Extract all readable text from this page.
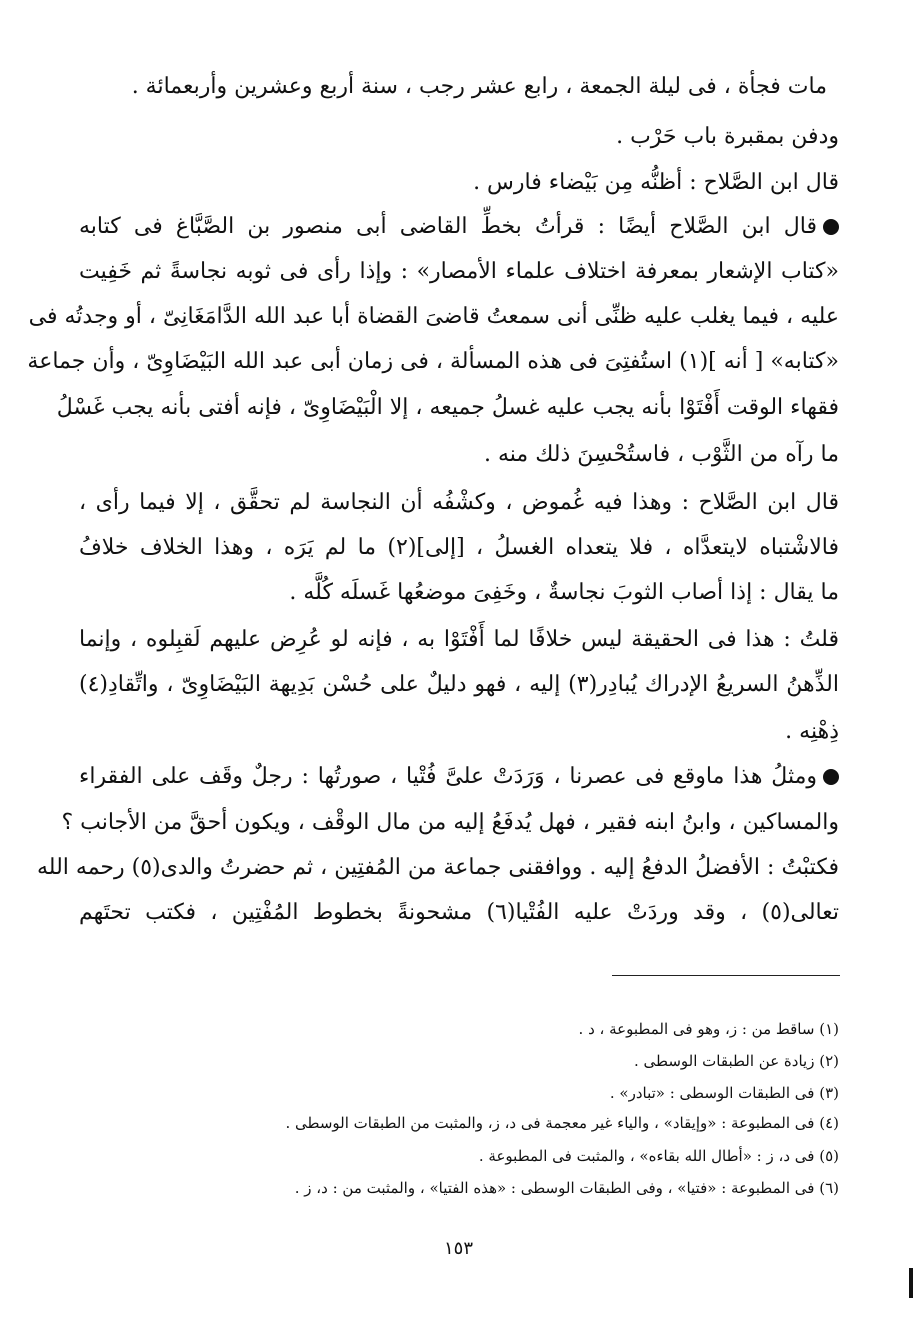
مات فجأة ، فى ليلة الجمعة ، رابع عشر رجب ، سنة أربع وعشرين وأربعمائة .
ودفن بمقبرة باب حَرْب .
قال ابن الصَّلاح : أظنُّه مِن بَيْضاء فارس .
قال ابن الصَّلاح أيضًا : قرأتُ بخطِّ القاضى أبى منصور بن الصَّبَّاغ فى كتابه
«كتاب الإشعار بمعرفة اختلاف علماء الأمصار» : وإذا رأى فى ثوبه نجاسةً ثم خَفِيت
عليه ، فيما يغلب عليه ظنِّى أنى سمعتُ قاضىَ القضاة أبا عبد الله الدَّامَغَانِىّ ، أو وجدتُه فى
«كتابه» [ أنه ](١) استُفتِىَ فى هذه المسألة ، فى زمان أبى عبد الله البَيْضَاوِىّ ، وأن جماعة
فقهاء الوقت أَفْتَوْا بأنه يجب عليه غسلُ جميعه ، إلا الْبَيْضَاوِىّ ، فإنه أفتى بأنه يجب غَسْلُ
ما رآه من الثَّوْب ، فاستُحْسِنَ ذلك منه .
قال ابن الصَّلاح : وهذا فيه غُموض ، وكشْفُه أن النجاسة لم تحقَّق ، إلا فيما رأى ،
فالاشْتباه لايتعدَّاه ، فلا يتعداه الغسلُ ، [إلى](٢) ما لم يَرَه ، وهذا الخلاف خلافُ
ما يقال : إذا أصاب الثوبَ نجاسةٌ ، وخَفِىَ موضعُها غَسلَه كُلَّه .
قلتُ : هذا فى الحقيقة ليس خلافًا لما أَفْتَوْا به ، فإنه لو عُرِض عليهم لَقبِلوه ، وإنما
الذِّهنُ السريعُ الإدراك يُبادِر(٣) إليه ، فهو دليلٌ على حُسْن بَدِيهة البَيْضَاوِىّ ، واتِّقادِ(٤)
ذِهْنِه .
ومثلُ هذا ماوقع فى عصرنا ، وَرَدَتْ علىَّ فُتْيا ، صورتُها : رجلٌ وقَف على الفقراء
والمساكين ، وابنُ ابنه فقير ، فهل يُدفَعُ إليه من مال الوقْف ، ويكون أحقَّ من الأجانب ؟
فكتبْتُ : الأفضلُ الدفعُ إليه . ووافقنى جماعة من المُفتِين ، ثم حضرتُ والدى(٥) رحمه الله
تعالى(٥) ، وقد وردَتْ عليه الفُتْيا(٦) مشحونةً بخطوط المُفْتِين ، فكتب تحتَهم
(١) ساقط من : ز، وهو فى المطبوعة ، د .
(٢) زيادة عن الطبقات الوسطى .
(٣) فى الطبقات الوسطى : «تبادر» .
(٤) فى المطبوعة : «وإيقاد» ، والياء غير معجمة فى د، ز، والمثبت من الطبقات الوسطى .
(٥) فى د، ز : «أطال الله بقاءه» ، والمثبت فى المطبوعة .
(٦) فى المطبوعة : «فتيا» ، وفى الطبقات الوسطى : «هذه الفتيا» ، والمثبت من : د، ز .
١٥٣
